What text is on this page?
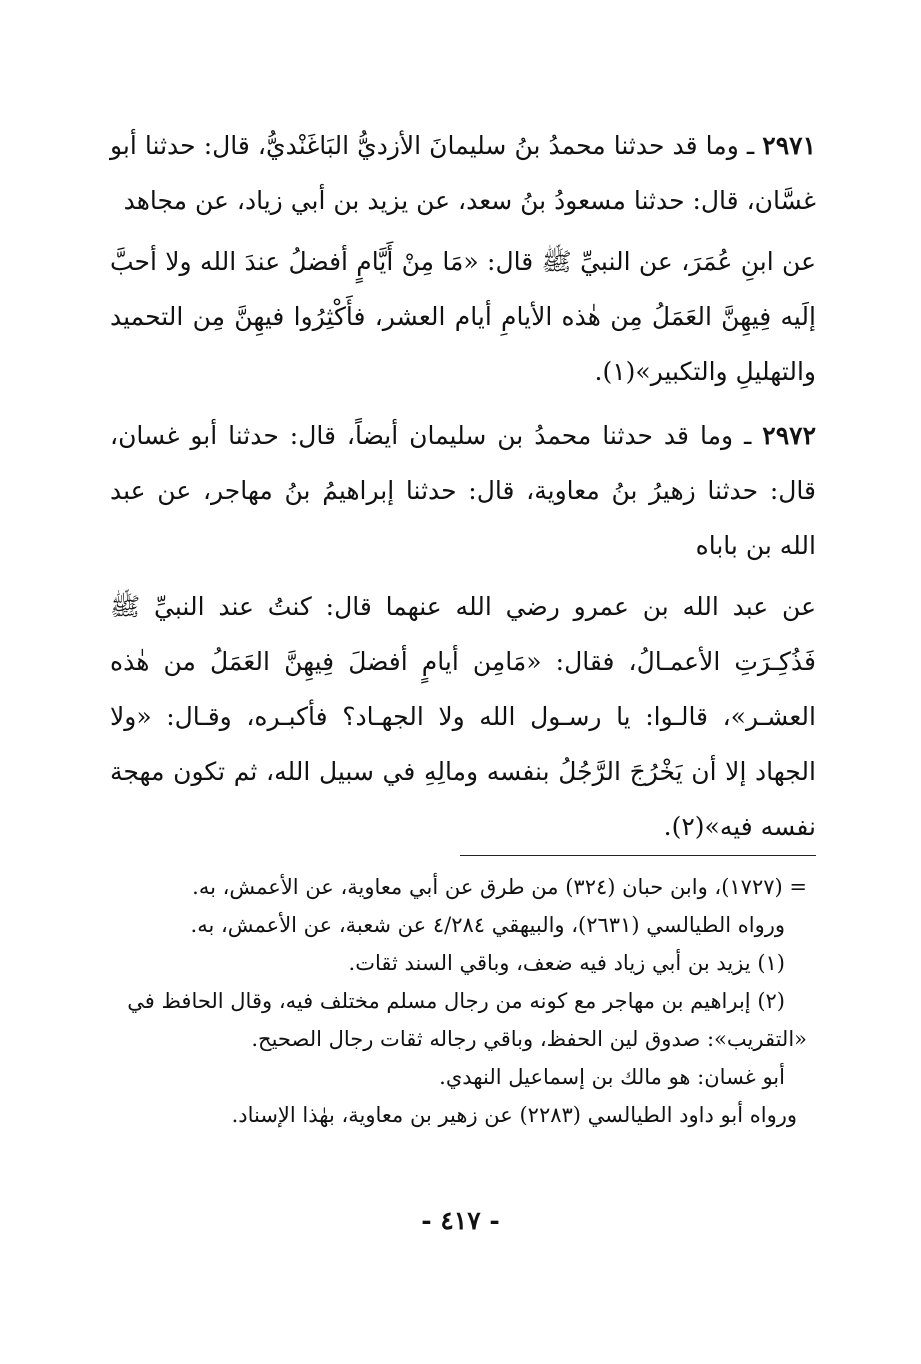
٢٩٧١ ـ وما قد حدثنا محمدُ بنُ سليمانَ الأزديُّ البَاغَنْديُّ، قال: حدثنا أبو غسَّان، قال: حدثنا مسعودُ بنُ سعد، عن يزيد بن أبي زياد، عن مجاهد

عن ابنِ عُمَرَ، عن النبيِّ ﷺ قال: «مَا مِنْ أَيَّامٍ أفضلُ عندَ الله ولا أحبَّ إلَيه فِيهِنَّ العَمَلُ مِن هٰذه الأيامِ أيام العشر، فأَكْثِرُوا فيهِنَّ مِن التحميد والتهليلِ والتكبير»(١).

٢٩٧٢ ـ وما قد حدثنا محمدُ بن سليمان أيضاً، قال: حدثنا أبو غسان، قال: حدثنا زهيرُ بنُ معاوية، قال: حدثنا إبراهيمُ بنُ مهاجر، عن عبد الله بن باباه

عن عبد الله بن عمرو رضي الله عنهما قال: كنتُ عند النبيِّ ﷺ فَذُكِـرَتِ الأعمـالُ، فقال: «مَامِن أيامٍ أفضلَ فِيهِنَّ العَمَلُ من هٰذه العشـر»، قالـوا: يا رسـول الله ولا الجهـاد؟ فأكبـره، وقـال: «ولا الجهاد إلا أن يَخْرُجَ الرَّجُلُ بنفسه ومالِهِ في سبيل الله، ثم تكون مهجة نفسه فيه»(٢).

= (١٧٢٧)، وابن حبان (٣٢٤) من طرق عن أبي معاوية، عن الأعمش، به.

ورواه الطيالسي (٢٦٣١)، والبيهقي ٤/٢٨٤ عن شعبة، عن الأعمش، به.

(١) يزيد بن أبي زياد فيه ضعف، وباقي السند ثقات.

(٢) إبراهيم بن مهاجر مع كونه من رجال مسلم مختلف فيه، وقال الحافظ في

«التقريب»: صدوق لين الحفظ، وباقي رجاله ثقات رجال الصحيح.

أبو غسان: هو مالك بن إسماعيل النهدي.

ورواه أبو داود الطيالسي (٢٢٨٣) عن زهير بن معاوية، بهٰذا الإسناد.

- ٤١٧ -
